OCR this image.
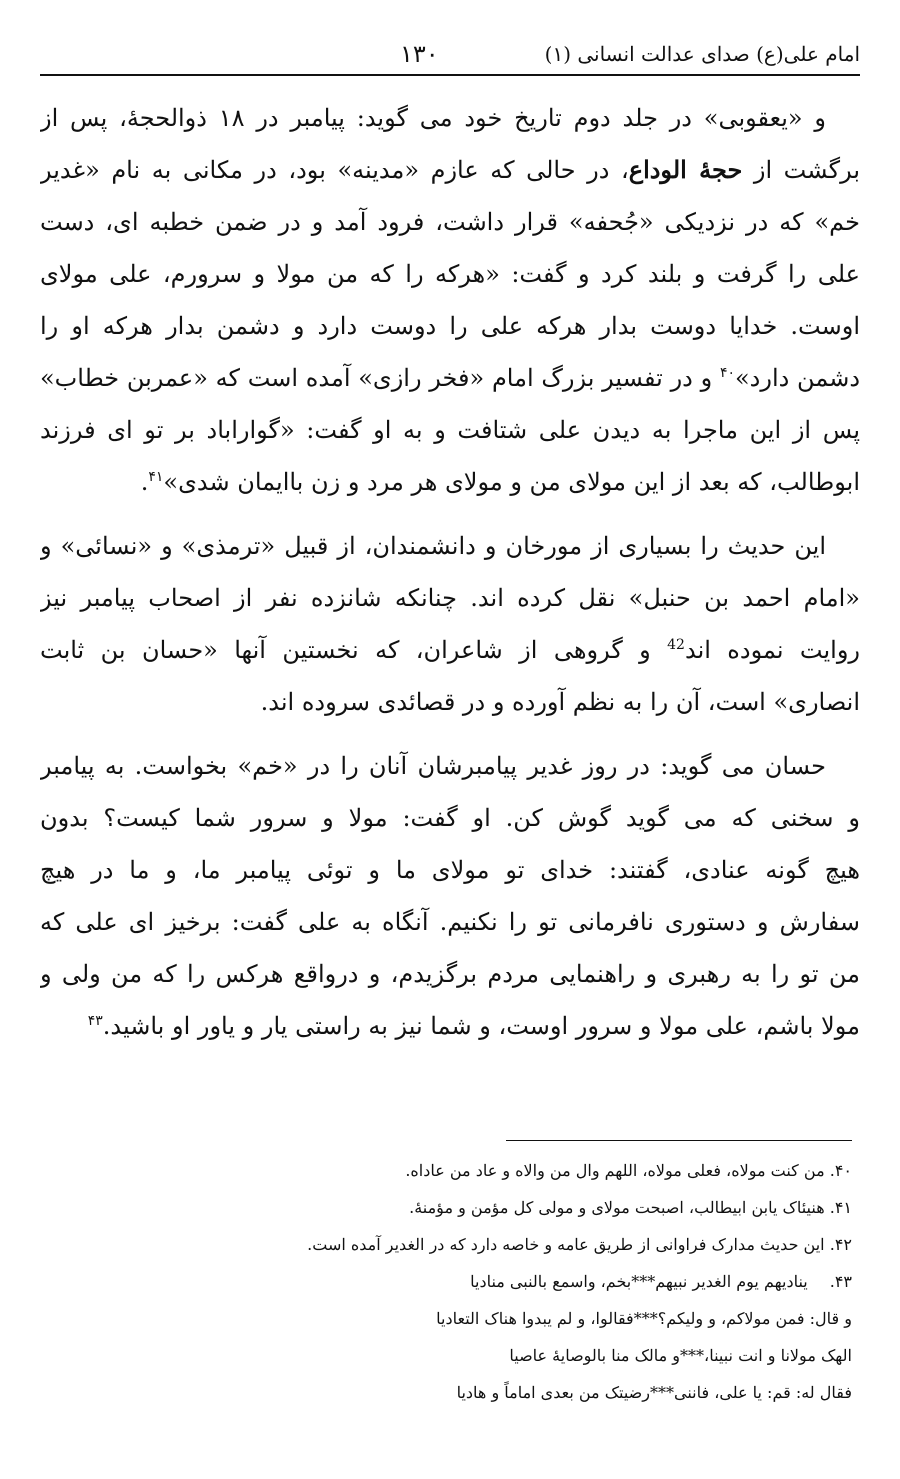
امام علی(ع) صدای عدالت انسانی (۱)
۱۳۰
و «یعقوبی» در جلد دوم تاریخ خود می گوید: پیامبر در ۱۸ ذوالحجهٔ، پس از
برگشت از حجهٔ الوداع، در حالی که عازم «مدینه» بود، در مکانی به نام «غدیر
خم» که در نزدیکی «جُحفه» قرار داشت، فرود آمد و در ضمن خطبه ای، دست
علی را گرفت و بلند کرد و گفت: «هرکه را که من مولا و سرورم، علی مولای
اوست. خدایا دوست بدار هرکه علی را دوست دارد و دشمن بدار هرکه او را
دشمن دارد»$^{۴۰}$ و در تفسیر بزرگ امام «فخر رازی» آمده است که «عمربن خطاب»
پس از این ماجرا به دیدن علی شتافت و به او گفت: «گواراباد بر تو ای فرزند
ابوطالب، که بعد از این مولای من و مولای هر مرد و زن باایمان شدی»$^{۴۱}$.
این حدیث را بسیاری از مورخان و دانشمندان، از قبیل «ترمذی» و «نسائی» و
«امام احمد بن حنبل» نقل کرده اند. چنانکه شانزده نفر از اصحاب پیامبر نیز
روایت نموده اند$^{42}$ و گروهی از شاعران، که نخستین آنها «حسان بن ثابت
انصاری» است، آن را به نظم آورده و در قصائدی سروده اند.
حسان می گوید: در روز غدیر پیامبرشان آنان را در «خم» بخواست. به پیامبر
و سخنی که می گوید گوش کن. او گفت: مولا و سرور شما کیست؟ بدون
هیچ گونه عنادی، گفتند: خدای تو مولای ما و توئی پیامبر ما، و ما در هیچ
سفارش و دستوری نافرمانی تو را نکنیم. آنگاه به علی گفت: برخیز ای علی که
من تو را به رهبری و راهنمایی مردم برگزیدم، و درواقع هرکس را که من ولی و
مولا باشم، علی مولا و سرور اوست، و شما نیز به راستی یار و یاور او باشید.$^{۴۳}$
۴۰. من کنت مولاه، فعلی مولاه، اللهم وال من والاه و عاد من عاداه.
۴۱. هنیئاک یابن ابیطالب، اصبحت مولای و مولی کل مؤمن و مؤمنهٔ.
۴۲. این حدیث مدارک فراوانی از طریق عامه و خاصه دارد که در الغدیر آمده است.
۴۳.ینادیهم یوم الغدیر نبیهم***بخم، واسمع بالنبی منادیا
و قال: فمن مولاکم، و ولیکم؟***فقالوا، و لم یبدوا هناک التعادیا
الهک مولانا و انت نبینا،***و مالک منا بالوصایهٔ عاصیا
فقال له: قم: یا علی، فاننی***رضیتک من بعدی اماماً و هادیا
